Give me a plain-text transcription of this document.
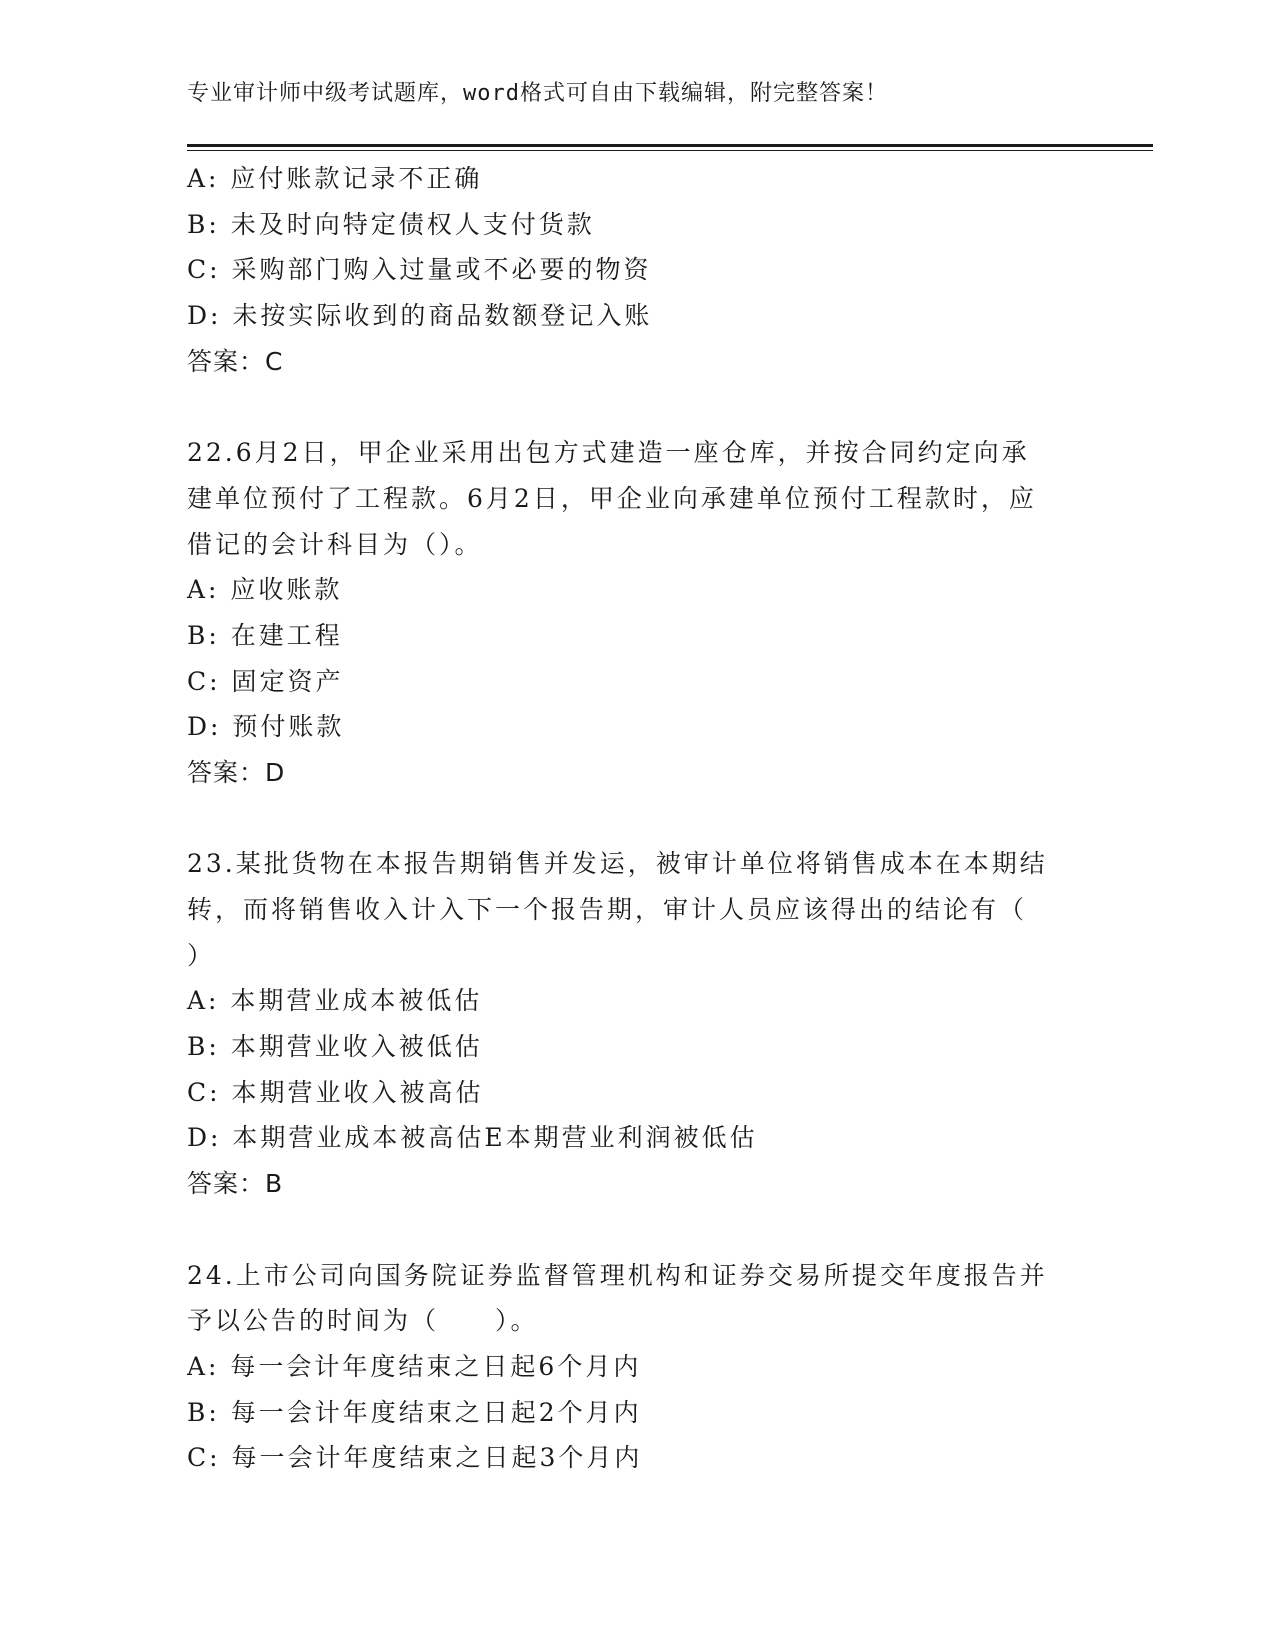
专业审计师中级考试题库，word格式可自由下载编辑，附完整答案！
A: 应付账款记录不正确
B: 未及时向特定债权人支付货款
C: 采购部门购入过量或不必要的物资
D: 未按实际收到的商品数额登记入账
答案：C
22.6月2日，甲企业采用出包方式建造一座仓库，并按合同约定向承
建单位预付了工程款。6月2日，甲企业向承建单位预付工程款时，应
借记的会计科目为（）。
A: 应收账款
B: 在建工程
C: 固定资产
D: 预付账款
答案：D
23.某批货物在本报告期销售并发运，被审计单位将销售成本在本期结
转，而将销售收入计入下一个报告期，审计人员应该得出的结论有（
）
A: 本期营业成本被低估
B: 本期营业收入被低估
C: 本期营业收入被高估
D: 本期营业成本被高估E本期营业利润被低估
答案：B
24.上市公司向国务院证券监督管理机构和证券交易所提交年度报告并
予以公告的时间为（　　）。
A: 每一会计年度结束之日起6个月内
B: 每一会计年度结束之日起2个月内
C: 每一会计年度结束之日起3个月内
